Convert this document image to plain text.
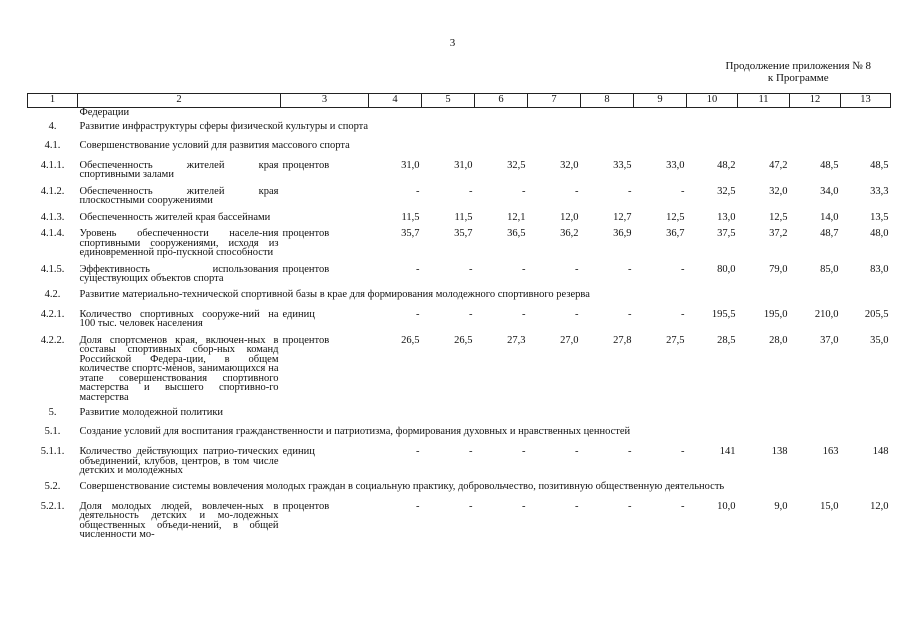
3
Продолжение приложения № 8
к Программе
1	2	3	4	5	6	7	8	9	10	11	12	13
	Федерации											
4.	Развитие инфраструктуры сферы физической культуры и спорта											
4.1.	Совершенствование условий для развития массового спорта											
4.1.1.	Обеспеченность жителей края спортивными залами	процентов	31,0	31,0	32,5	32,0	33,5	33,0	48,2	47,2	48,5	48,5
4.1.2.	Обеспеченность жителей края плоскостными сооружениями		-	-	-	-	-	-	32,5	32,0	34,0	33,3
4.1.3.	Обеспеченность жителей края бассейнами		11,5	11,5	12,1	12,0	12,7	12,5	13,0	12,5	14,0	13,5
4.1.4.	Уровень обеспеченности населе-ния спортивными сооружениями, исходя из единовременной про-пускной способности	процентов	35,7	35,7	36,5	36,2	36,9	36,7	37,5	37,2	48,7	48,0
4.1.5.	Эффективность использования существующих объектов спорта	процентов	-	-	-	-	-	-	80,0	79,0	85,0	83,0
4.2.	Развитие материально-технической спортивной базы в крае для формирования молодежного спортивного резерва											
4.2.1.	Количество спортивных сооруже-ний на 100 тыс. человек населения	единиц	-	-	-	-	-	-	195,5	195,0	210,0	205,5
4.2.2.	Доля спортсменов края, включен-ных в составы спортивных сбор-ных команд Российской Федера-ции, в общем количестве спортс-менов, занимающихся на этапе совершенствования спортивного мастерства и высшего спортивно-го мастерства	процентов	26,5	26,5	27,3	27,0	27,8	27,5	28,5	28,0	37,0	35,0
5.	Развитие молодежной политики											
5.1.	Создание условий для воспитания гражданственности и патриотизма, формирования духовных и нравственных ценностей											
5.1.1.	Количество действующих патрио-тических объединений, клубов, центров, в том числе детских и молодежных	единиц	-	-	-	-	-	-	141	138	163	148
5.2.	Совершенствование системы вовлечения молодых граждан в социальную практику, добровольчество, позитивную общественную деятельность											
5.2.1.	Доля молодых людей, вовлечен-ных в деятельность детских и мо-лодежных общественных объеди-нений, в общей численности мо-	процентов	-	-	-	-	-	-	10,0	9,0	15,0	12,0
